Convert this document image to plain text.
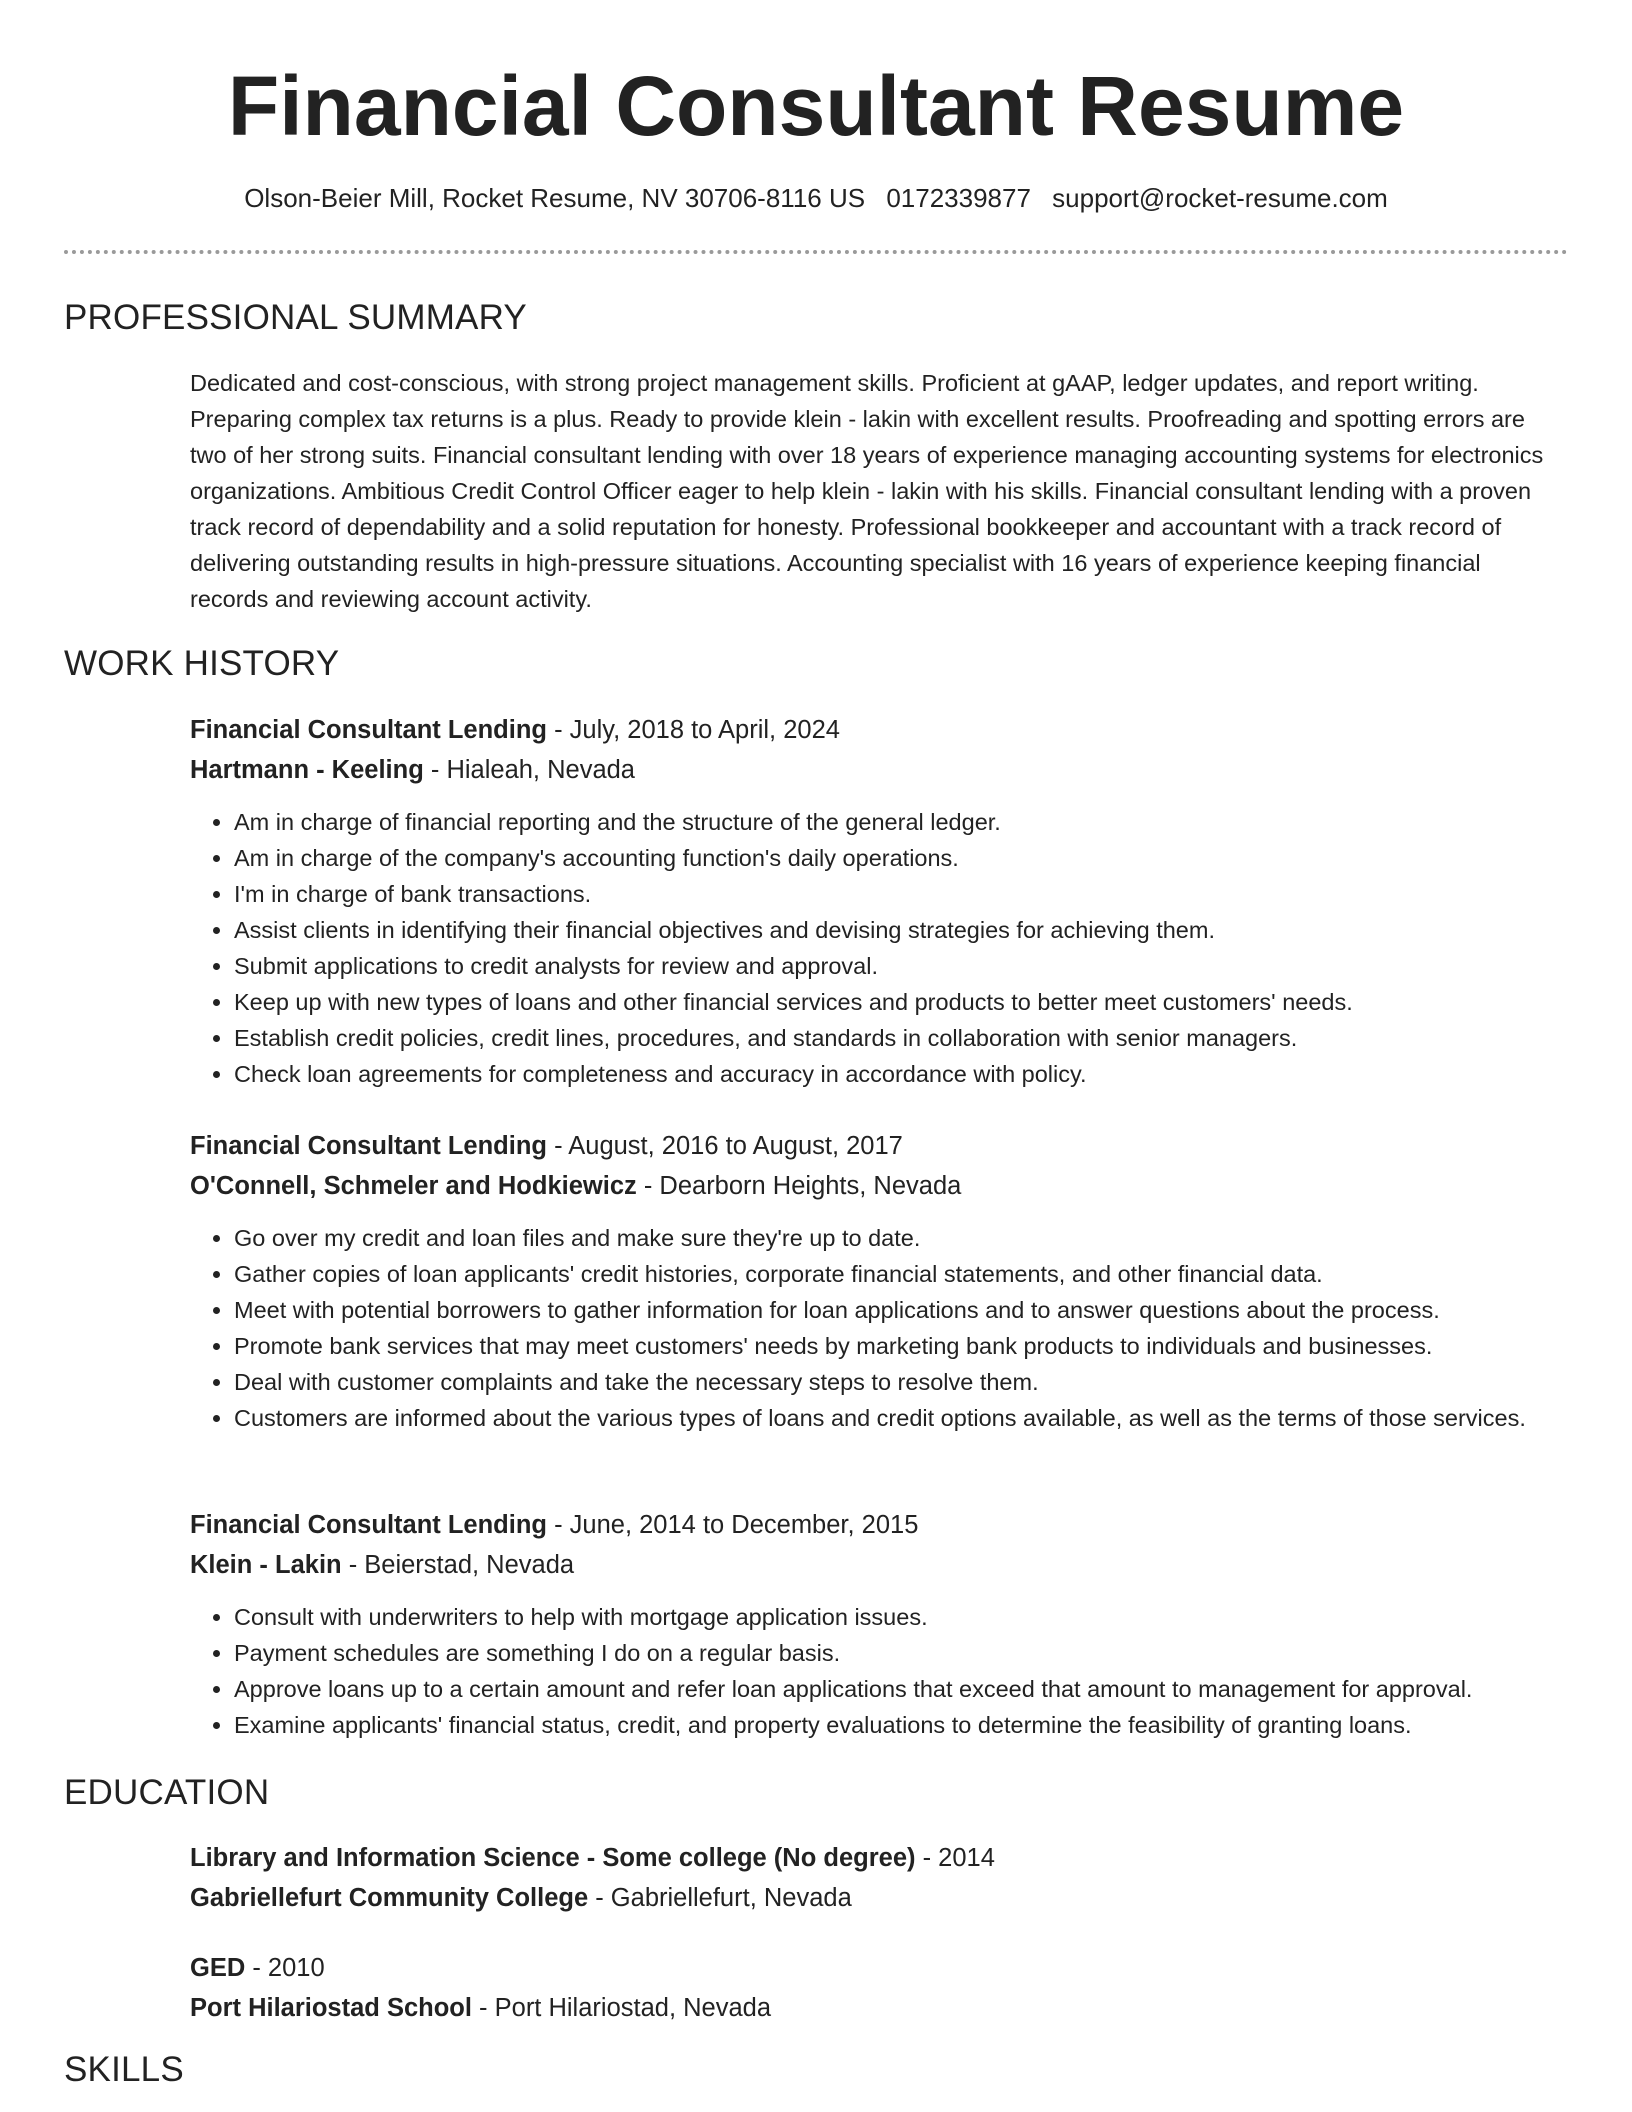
Financial Consultant Resume
Olson-Beier Mill, Rocket Resume, NV 30706-8116 US 0172339877 support@rocket-resume.com
PROFESSIONAL SUMMARY

Dedicated and cost-conscious, with strong project management skills. Proficient at gAAP, ledger updates, and report writing. Preparing complex tax returns is a plus. Ready to provide klein - lakin with excellent results. Proofreading and spotting errors are two of her strong suits. Financial consultant lending with over 18 years of experience managing accounting systems for electronics organizations. Ambitious Credit Control Officer eager to help klein - lakin with his skills. Financial consultant lending with a proven track record of dependability and a solid reputation for honesty. Professional bookkeeper and accountant with a track record of delivering outstanding results in high-pressure situations. Accounting specialist with 16 years of experience keeping financial records and reviewing account activity.

WORK HISTORY

Financial Consultant Lending - July, 2018 to April, 2024

Hartmann - Keeling - Hialeah, Nevada

• Am in charge of financial reporting and the structure of the general ledger.
• Am in charge of the company's accounting function's daily operations.
• I'm in charge of bank transactions.
• Assist clients in identifying their financial objectives and devising strategies for achieving them.
• Submit applications to credit analysts for review and approval.
• Keep up with new types of loans and other financial services and products to better meet customers' needs.
• Establish credit policies, credit lines, procedures, and standards in collaboration with senior managers.
• Check loan agreements for completeness and accuracy in accordance with policy.

Financial Consultant Lending - August, 2016 to August, 2017

O'Connell, Schmeler and Hodkiewicz - Dearborn Heights, Nevada

• Go over my credit and loan files and make sure they're up to date.
• Gather copies of loan applicants' credit histories, corporate financial statements, and other financial data.
• Meet with potential borrowers to gather information for loan applications and to answer questions about the process.
• Promote bank services that may meet customers' needs by marketing bank products to individuals and businesses.
• Deal with customer complaints and take the necessary steps to resolve them.
• Customers are informed about the various types of loans and credit options available, as well as the terms of those services.

Financial Consultant Lending - June, 2014 to December, 2015

Klein - Lakin - Beierstad, Nevada

• Consult with underwriters to help with mortgage application issues.
• Payment schedules are something I do on a regular basis.
• Approve loans up to a certain amount and refer loan applications that exceed that amount to management for approval.
• Examine applicants' financial status, credit, and property evaluations to determine the feasibility of granting loans.
EDUCATION

Library and Information Science - Some college (No degree) - 2014

Gabriellefurt Community College - Gabriellefurt, Nevada

GED - 2010

Port Hilariostad School - Port Hilariostad, Nevada

SKILLS
